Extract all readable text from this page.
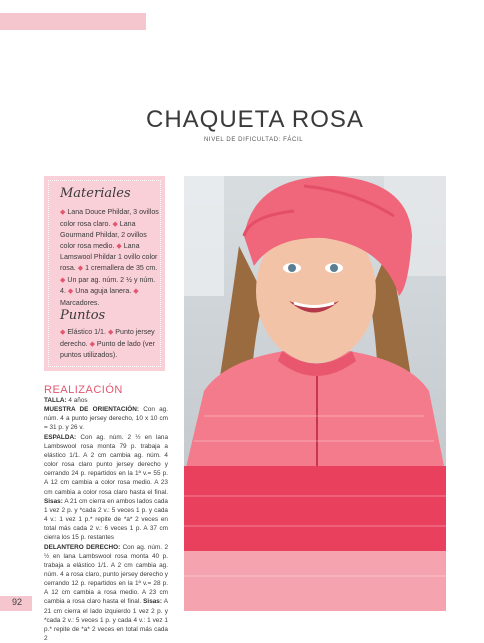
CHAQUETA ROSA
NIVEL DE DIFICULTAD: FÁCIL
Materiales
◆ Lana Douce Phildar, 3 ovillos color rosa claro. ◆ Lana Gourmand Phildar, 2 ovillos color rosa medio. ◆ Lana Lamswool Phildar 1 ovillo color rosa. ◆ 1 cremallera de 35 cm. ◆ Un par ag. núm. 2 ½ y núm. 4. ◆ Una aguja lanera. ◆ Marcadores.
Puntos
◆ Elástico 1/1. ◆ Punto jersey derecho. ◆ Punto de lado (ver puntos utilizados).
REALIZACIÓN
TALLA: 4 años
MUESTRA DE ORIENTACIÓN: Con ag. núm. 4 a punto jersey derecho, 10 x 10 cm = 31 p. y 26 v.
ESPALDA: Con ag. núm. 2 ½ en lana Lambswool rosa monta 79 p. trabaja a elástico 1/1. A 2 cm cambia ag. núm. 4 color rosa claro punto jersey derecho y cerrando 24 p. repartidos en la 1ª v.= 55 p. A 12 cm cambia a color rosa medio. A 23 cm cambia a color rosa claro hasta el final. Sisas: A 21 cm cierra en ambos lados cada 1 vez 2 p. y *cada 2 v.: 5 veces 1 p. y cada 4 v.: 1 vez 1 p.* repite de *a* 2 veces en total más cada 2 v.: 6 veces 1 p. A 37 cm cierra los 15 p. restantes
DELANTERO DERECHO: Con ag. núm. 2 ½ en lana Lambswool rosa monta 40 p. trabaja a elástico 1/1. A 2 cm cambia ag. núm. 4 a rosa claro, punto jersey derecho y cerrando 12 p. repartidos en la 1ª v.= 28 p. A 12 cm cambia a rosa medio. A 23 cm cambia a rosa claro hasta el final. Sisas: A 21 cm cierra el lado izquierdo 1 vez 2 p. y *cada 2 v.: 5 veces 1 p. y cada 4 v.: 1 vez 1 p.* repite de *a* 2 veces en total más cada 2
92
